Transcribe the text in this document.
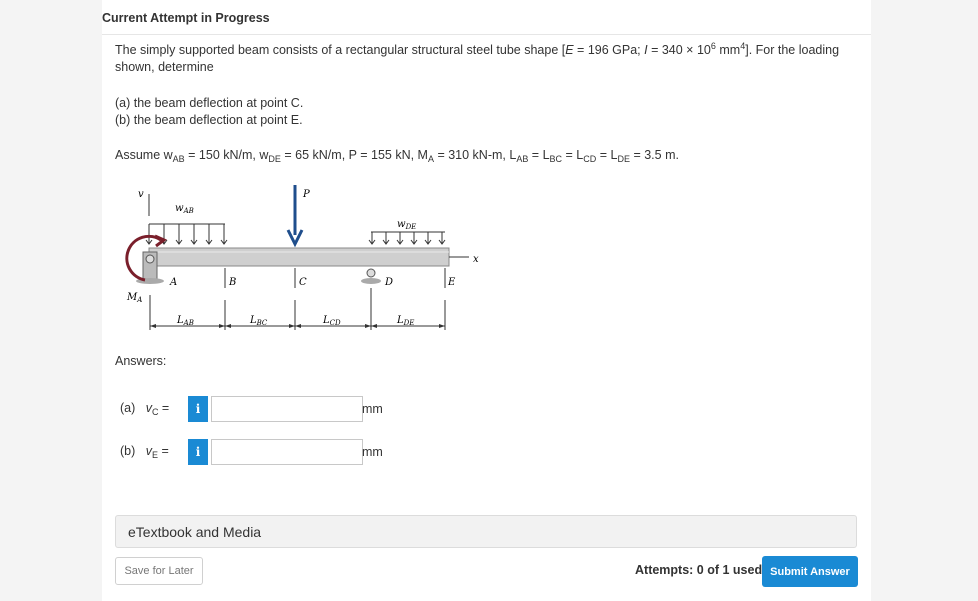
Current Attempt in Progress
The simply supported beam consists of a rectangular structural steel tube shape [E = 196 GPa; $I = 340 \times 10^6$ $mm^4$]. For the loading shown, determine
(a) the beam deflection at point C.
(b) the beam deflection at point E.
Assume $w_{AB} = 150$ kN/m, $w_{DE} = 65$ kN/m, P = 155 kN, $M_A = 310$ kN-m, $L_{AB} = L_{BC} = L_{CD} = L_{DE} = 3.5$ m.
v
$w_{AB}$
P
$w_{DE}$
x
$M_A$
A	B	C	D	E
$L_{AB}$	$L_{BC}$	$L_{CD}$	$L_{DE}$
Answers:
(a) $v_C$ =	i	mm
(b) $v_E$ =	i	mm
eTextbook and Media
Save for Later	Attempts: 0 of 1 used Submit Answer
